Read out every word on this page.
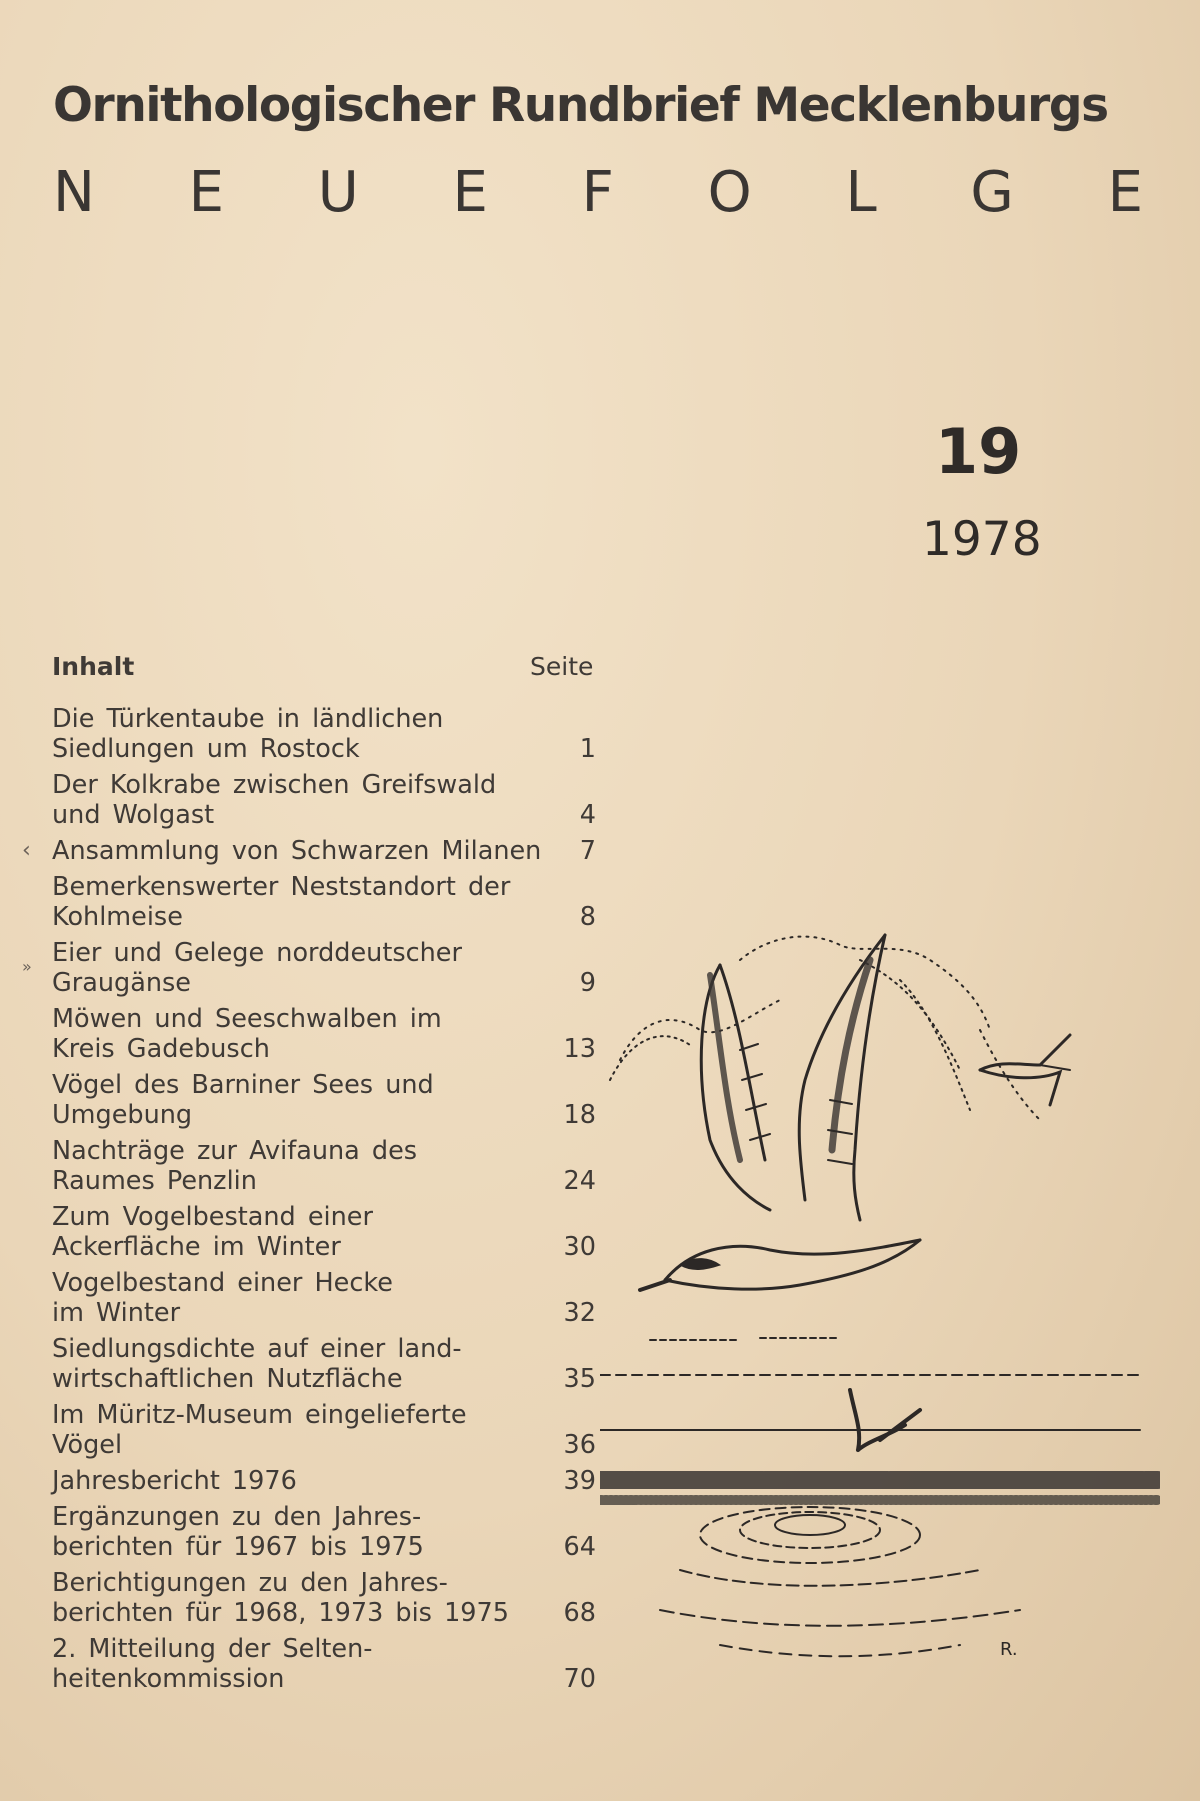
Ornithologischer Rundbrief Mecklenburgs
N E U E F O L G E
19
1978
Inhalt	Seite
Die Türkentaube in ländlichen
Siedlungen um Rostock	1
Der Kolkrabe zwischen Greifswald
und Wolgast	4
Ansammlung von Schwarzen Milanen	7
Bemerkenswerter Neststandort der
Kohlmeise	8
Eier und Gelege norddeutscher
Graugänse	9
Möwen und Seeschwalben im
Kreis Gadebusch	13
Vögel des Barniner Sees und
Umgebung	18
Nachträge zur Avifauna des
Raumes Penzlin	24
Zum Vogelbestand einer
Ackerfläche im Winter	30
Vogelbestand einer Hecke
im Winter	32
Siedlungsdichte auf einer land-
wirtschaftlichen Nutzfläche	35
Im Müritz-Museum eingelieferte
Vögel	36
Jahresbericht 1976	39
Ergänzungen zu den Jahres-
berichten für 1967 bis 1975	64
Berichtigungen zu den Jahres-
berichten für 1968, 1973 bis 1975	68
2. Mitteilung der Selten-
heitenkommission	70
‹
»
R.
